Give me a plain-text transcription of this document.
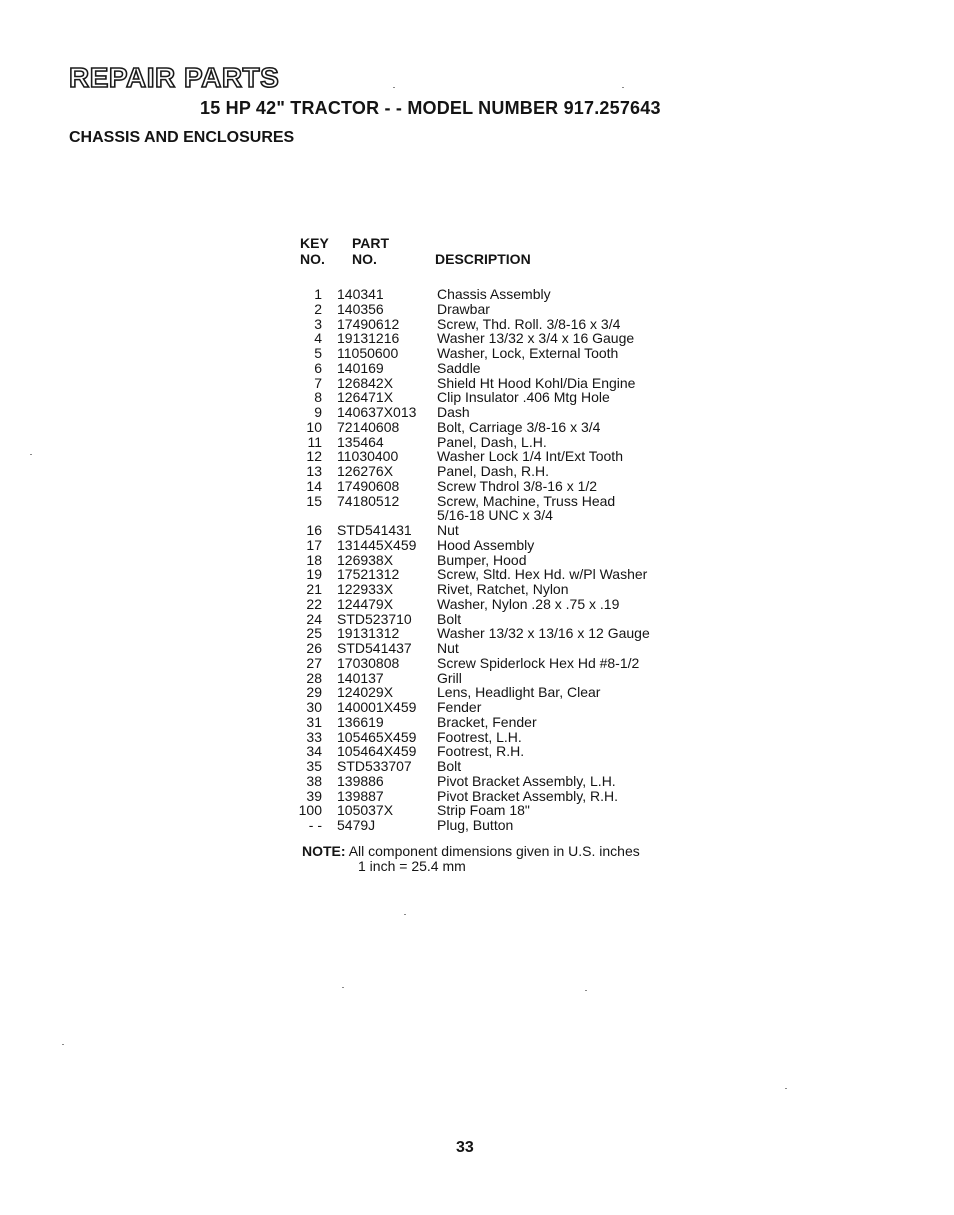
REPAIR PARTS
15 HP 42" TRACTOR - - MODEL NUMBER 917.257643
CHASSIS AND ENCLOSURES
KEY
NO.
PART
NO.	DESCRIPTION
1 140341	Chassis Assembly
2 140356	Drawbar
3 17490612	Screw, Thd. Roll. 3/8-16 x 3/4
4 19131216	Washer 13/32 x 3/4 x 16 Gauge
5 11050600	Washer, Lock, External Tooth
6 140169	Saddle
7 126842X	Shield Ht Hood Kohl/Dia Engine
8 126471X	Clip Insulator .406 Mtg Hole
9 140637X013 Dash
10 72140608	Bolt, Carriage 3/8-16 x 3/4
11 135464	Panel, Dash, L.H.
12 11030400	Washer Lock 1/4 Int/Ext Tooth
13 126276X	Panel, Dash, R.H.
14 17490608	Screw Thdrol 3/8-16 x 1/2
15 74180512	Screw, Machine, Truss Head
5/16-18 UNC x 3/4
16 STD541431 Nut
17 131445X459 Hood Assembly
18 126938X	Bumper, Hood
19 17521312	Screw, Sltd. Hex Hd. w/Pl Washer
21 122933X	Rivet, Ratchet, Nylon
22 124479X	Washer, Nylon .28 x .75 x .19
24 STD523710 Bolt
25 19131312	Washer 13/32 x 13/16 x 12 Gauge
26 STD541437 Nut
27 17030808	Screw Spiderlock Hex Hd #8-1/2
28 140137	Grill
29 124029X	Lens, Headlight Bar, Clear
30 140001X459 Fender
31 136619	Bracket, Fender
33 105465X459 Footrest, L.H.
34 105464X459 Footrest, R.H.
35 STD533707 Bolt
38 139886	Pivot Bracket Assembly, L.H.
39 139887	Pivot Bracket Assembly, R.H.
100 105037X	Strip Foam 18"
- - 5479J	Plug, Button
NOTE: All component dimensions given in U.S. inches
1 inch = 25.4 mm
33
